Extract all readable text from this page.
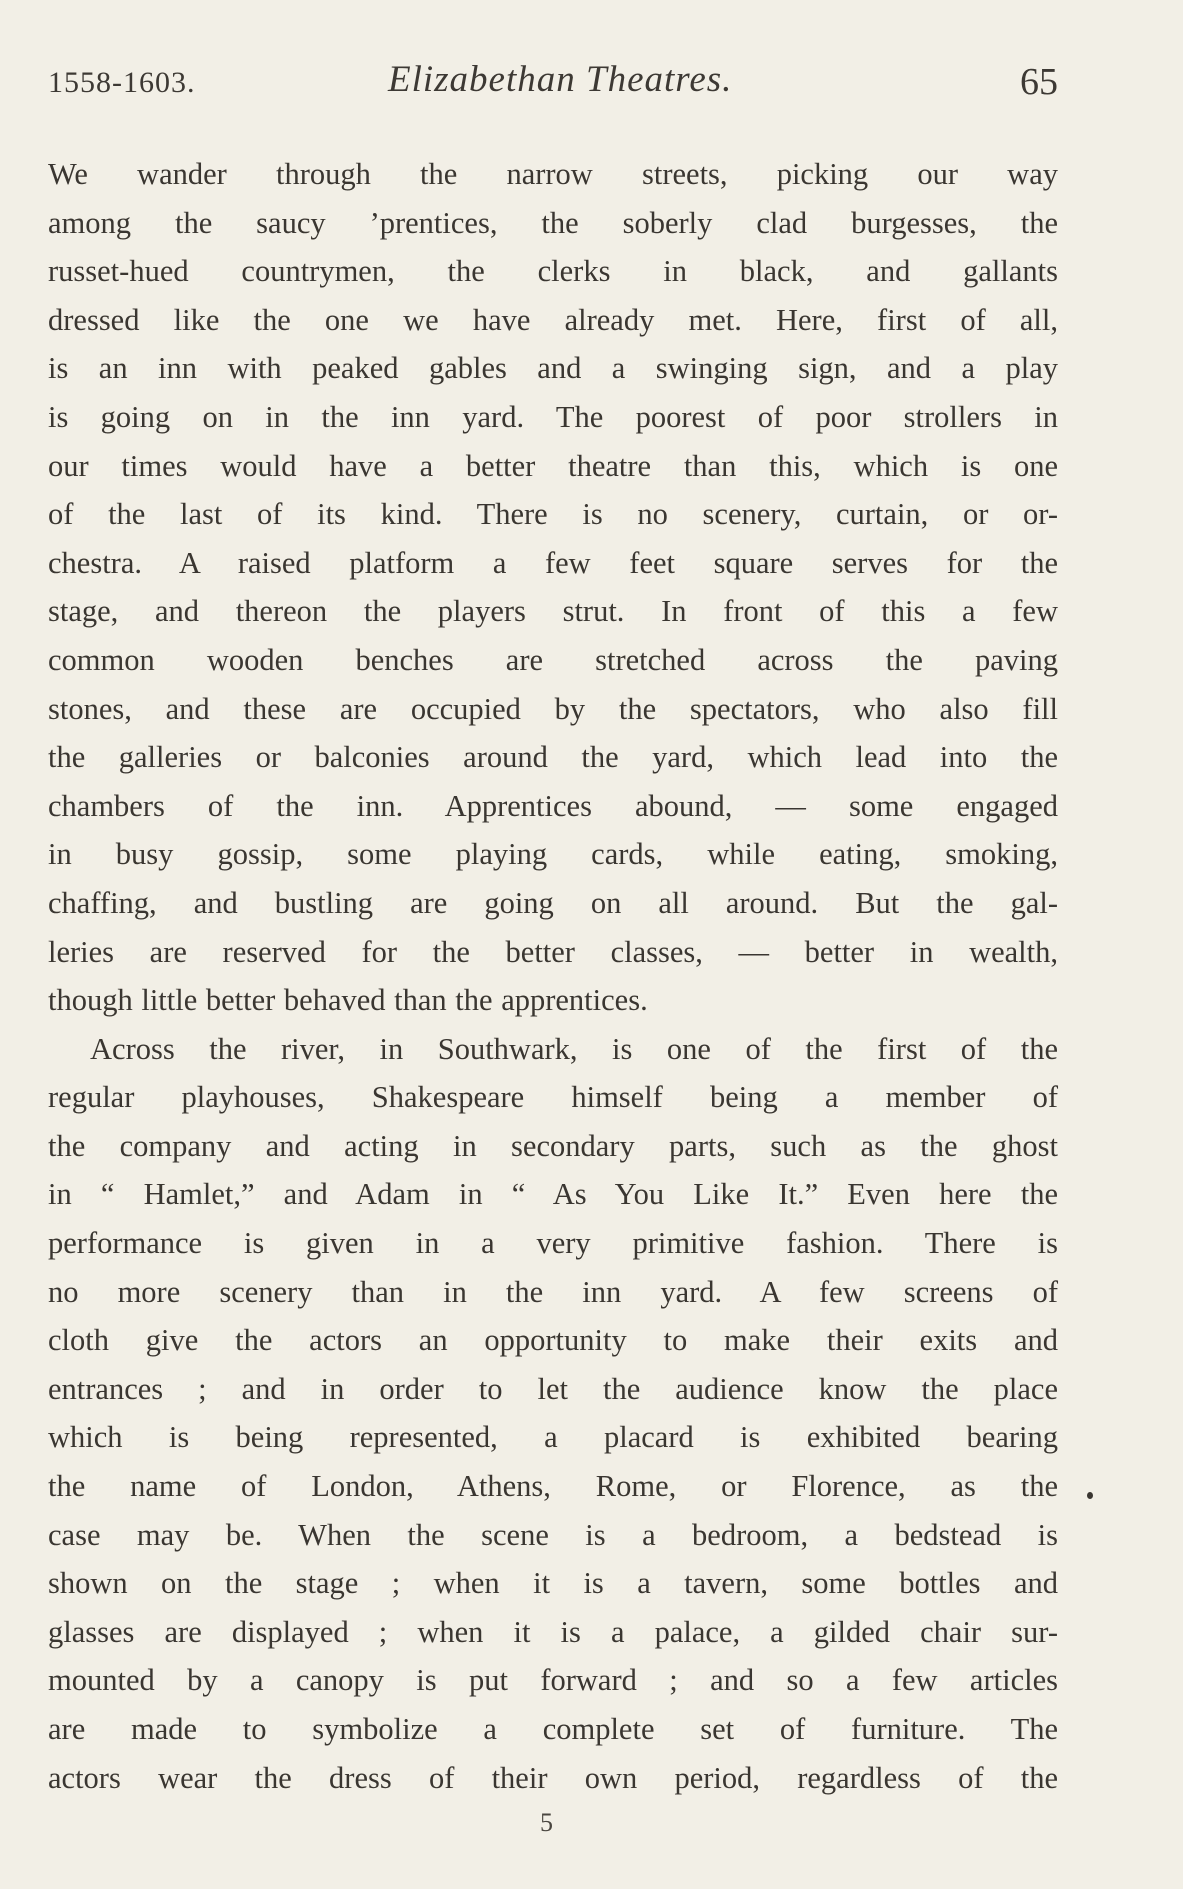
1558-1603.	Elizabethan Theatres.	65
We wander through the narrow streets, picking our way
among the saucy ’prentices, the soberly clad burgesses, the
russet-hued countrymen, the clerks in black, and gallants
dressed like the one we have already met. Here, first of all,
is an inn with peaked gables and a swinging sign, and a play
is going on in the inn yard. The poorest of poor strollers in
our times would have a better theatre than this, which is one
of the last of its kind. There is no scenery, curtain, or or-
chestra. A raised platform a few feet square serves for the
stage, and thereon the players strut. In front of this a few
common wooden benches are stretched across the paving
stones, and these are occupied by the spectators, who also fill
the galleries or balconies around the yard, which lead into the
chambers of the inn. Apprentices abound, — some engaged
in busy gossip, some playing cards, while eating, smoking,
chaffing, and bustling are going on all around. But the gal-
leries are reserved for the better classes, — better in wealth,
though little better behaved than the apprentices.
Across the river, in Southwark, is one of the first of the
regular playhouses, Shakespeare himself being a member of
the company and acting in secondary parts, such as the ghost
in “ Hamlet,” and Adam in “ As You Like It.” Even here the
performance is given in a very primitive fashion. There is
no more scenery than in the inn yard. A few screens of
cloth give the actors an opportunity to make their exits and
entrances ; and in order to let the audience know the place
which is being represented, a placard is exhibited bearing
the name of London, Athens, Rome, or Florence, as the
case may be. When the scene is a bedroom, a bedstead is
shown on the stage ; when it is a tavern, some bottles and
glasses are displayed ; when it is a palace, a gilded chair sur-
mounted by a canopy is put forward ; and so a few articles
are made to symbolize a complete set of furniture. The
actors wear the dress of their own period, regardless of the
5
